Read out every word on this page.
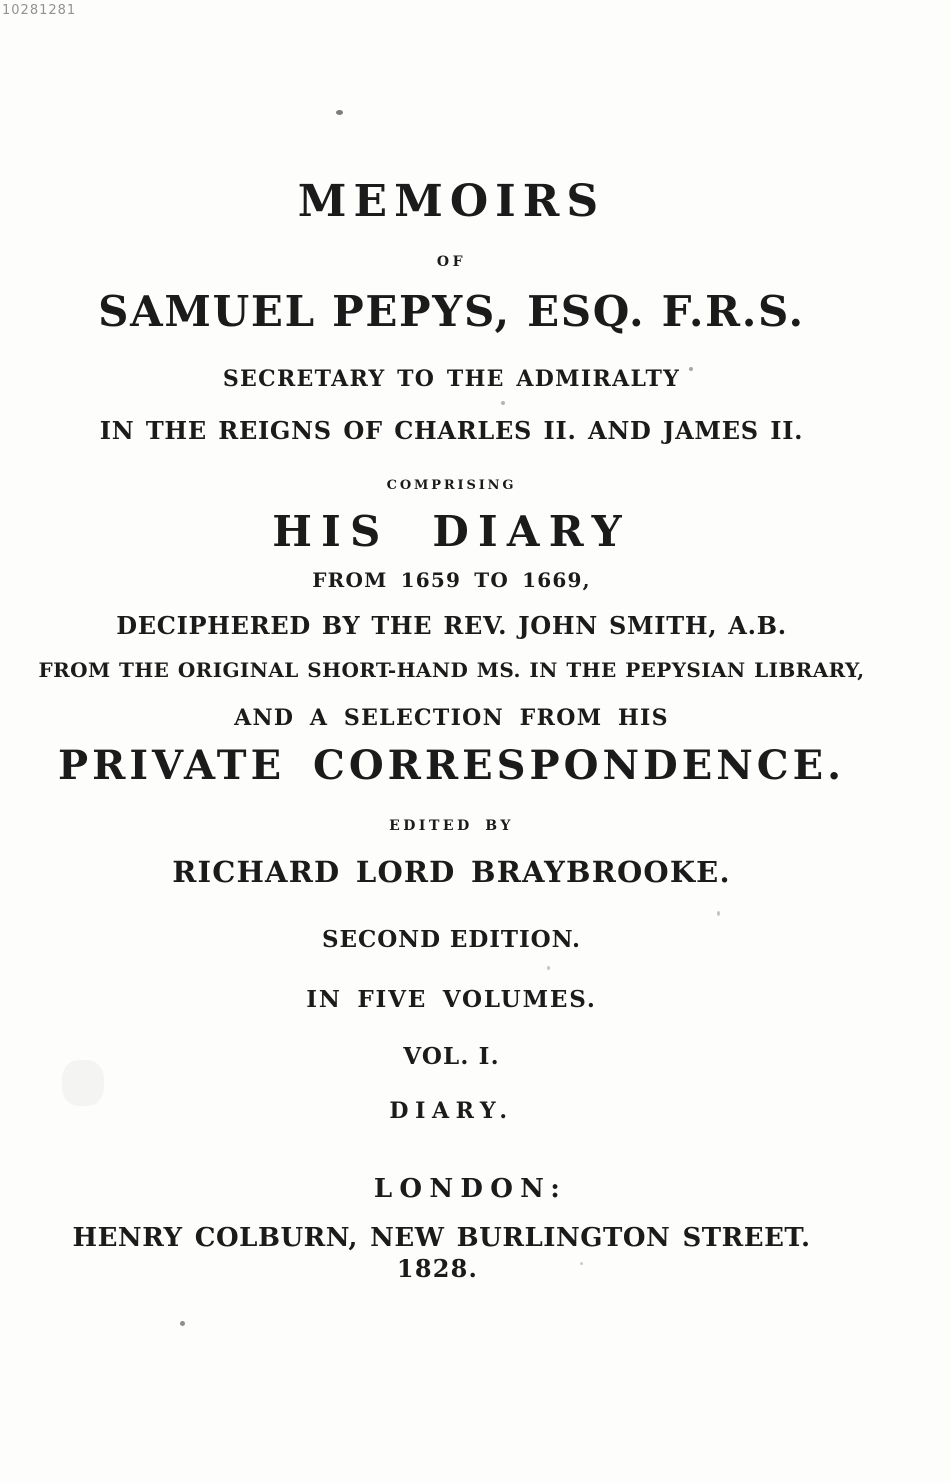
10281281
MEMOIRS
OF
SAMUEL PEPYS, ESQ. F.R.S.
SECRETARY TO THE ADMIRALTY
IN THE REIGNS OF CHARLES II. AND JAMES II.
COMPRISING
HIS DIARY
FROM 1659 TO 1669,
DECIPHERED BY THE REV. JOHN SMITH, A.B.
FROM THE ORIGINAL SHORT-HAND MS. IN THE PEPYSIAN LIBRARY,
AND A SELECTION FROM HIS
PRIVATE CORRESPONDENCE.
EDITED BY
RICHARD LORD BRAYBROOKE.
SECOND EDITION.
IN FIVE VOLUMES.
VOL. I.
DIARY.
LONDON:
HENRY COLBURN, NEW BURLINGTON STREET.
1828.
